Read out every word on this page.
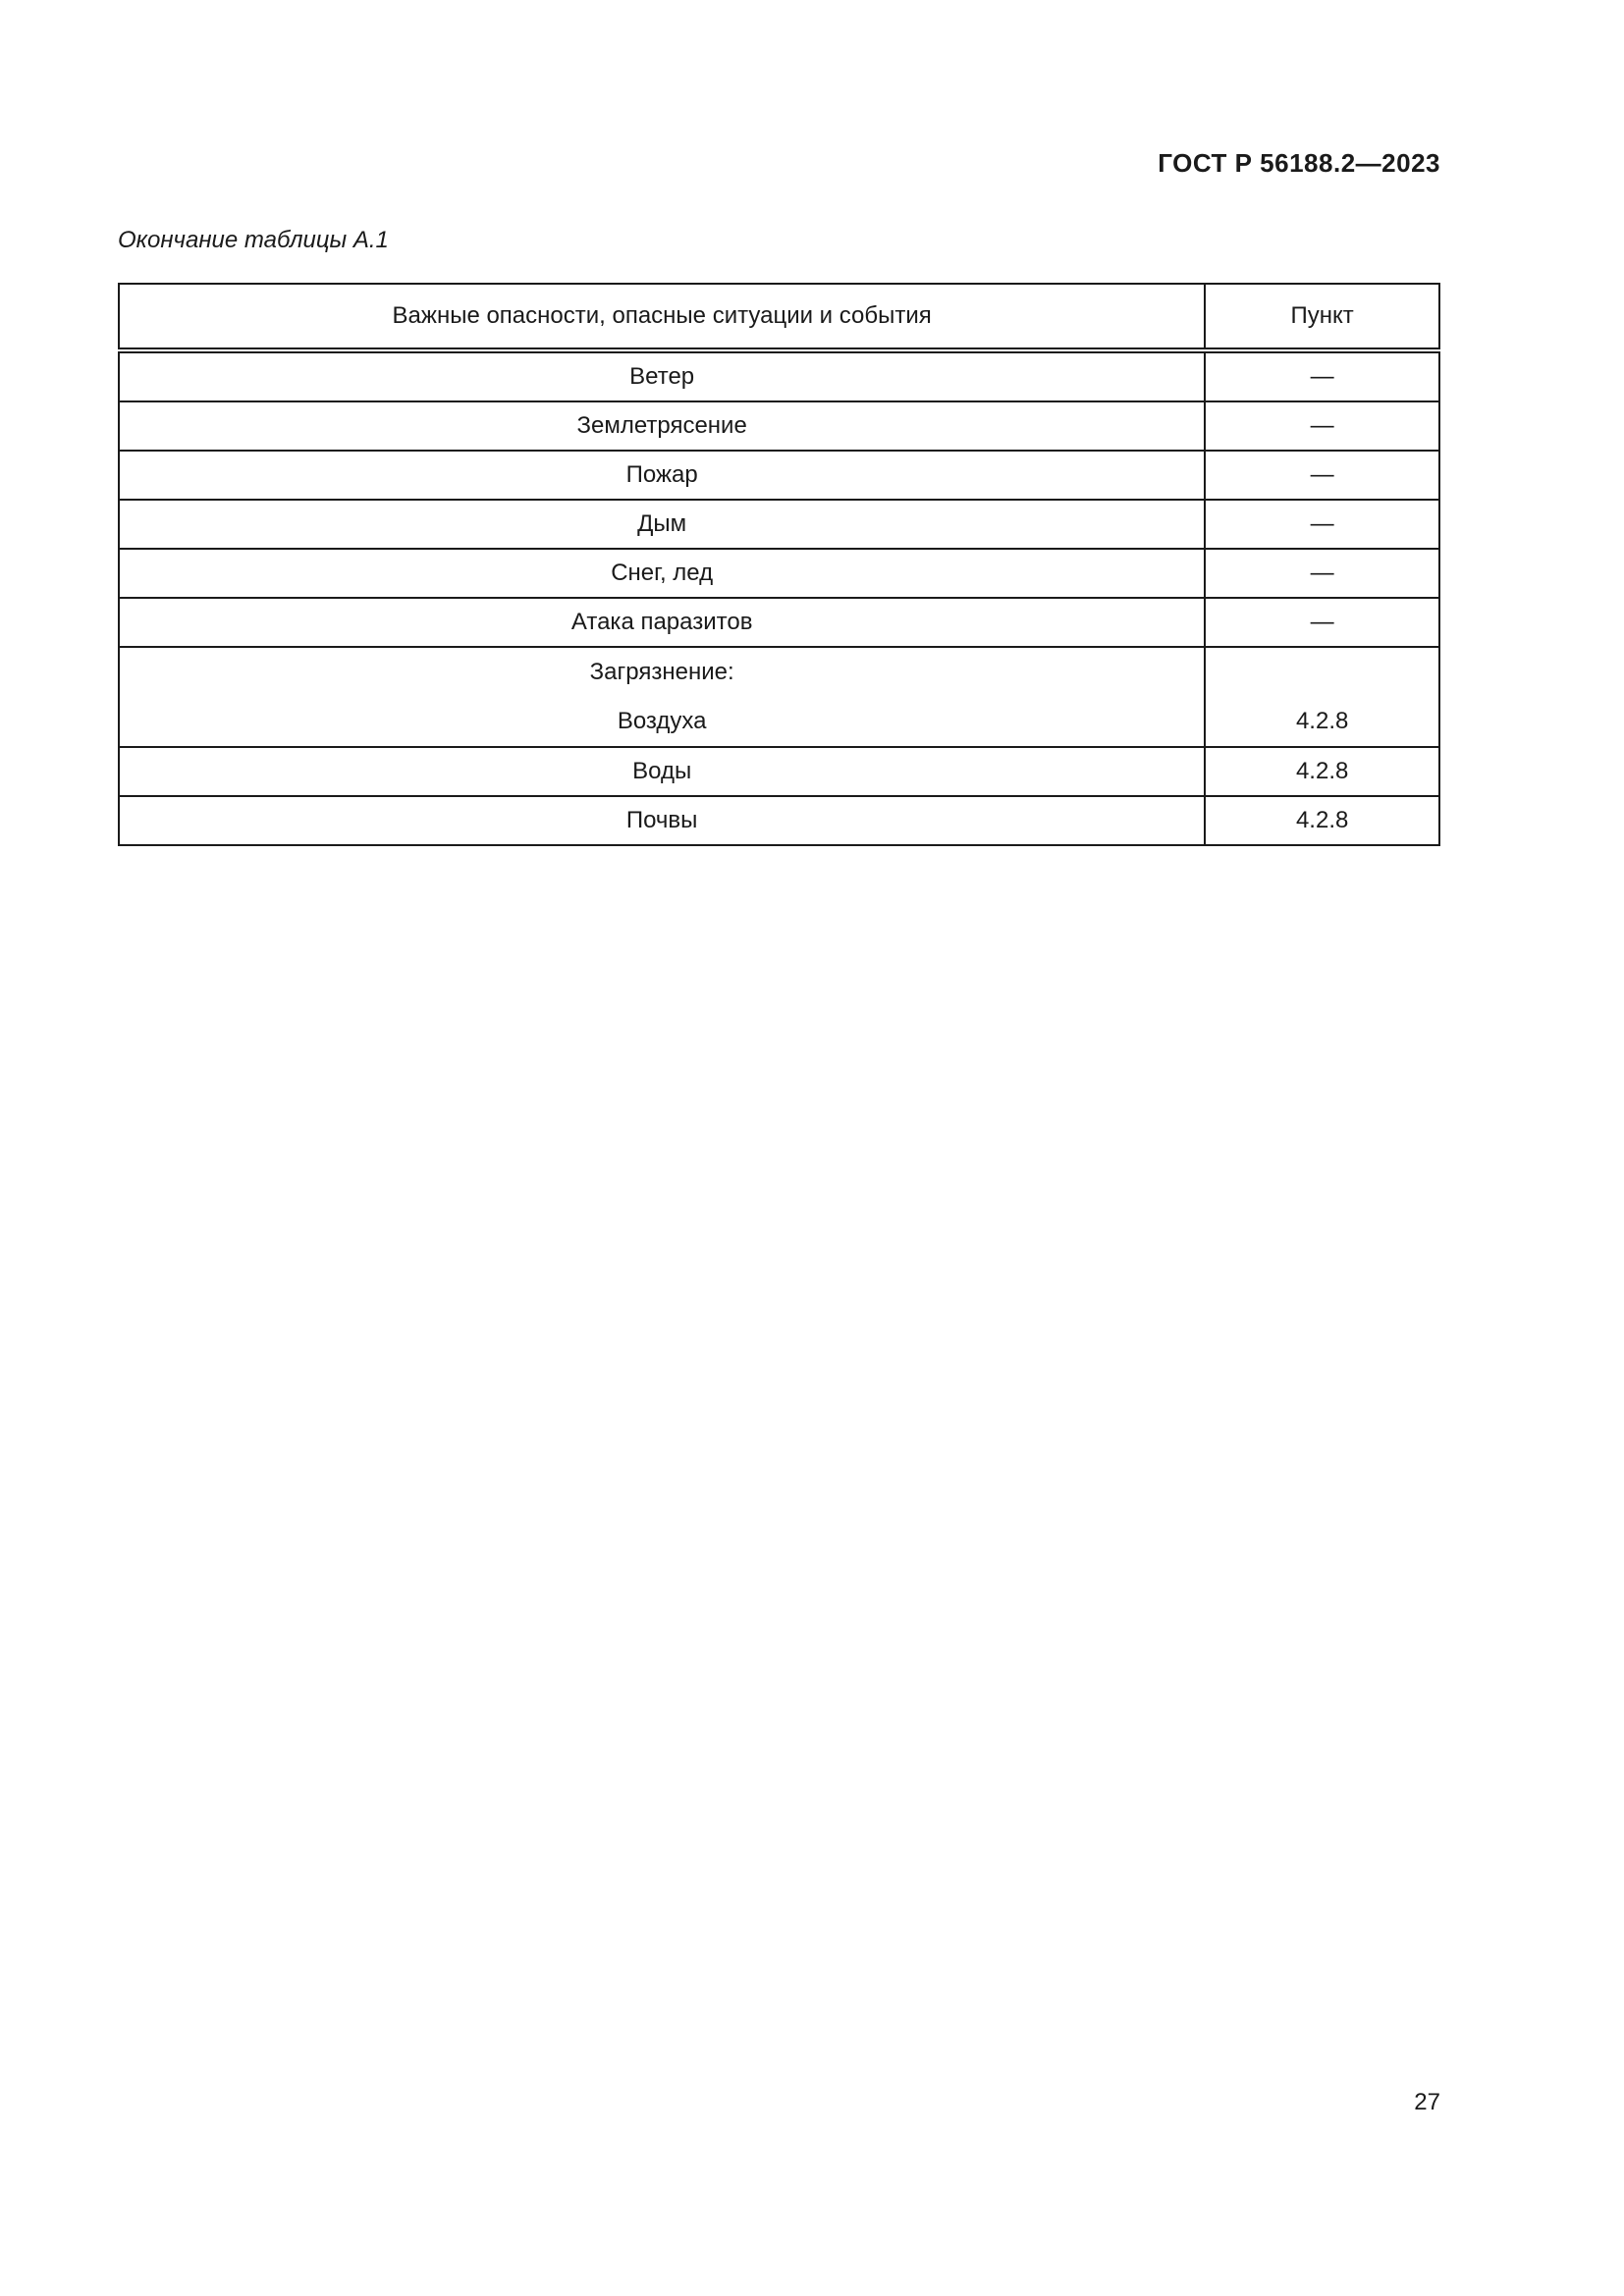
ГОСТ Р 56188.2—2023
Окончание таблицы А.1
Важные опасности, опасные ситуации и события	Пункт
Ветер	—
Землетрясение	—
Пожар	—
Дым	—
Снег, лед	—
Атака паразитов	—

Загрязнение:
Воздуха	4.2.8

Воды	4.2.8
Почвы	4.2.8
27
